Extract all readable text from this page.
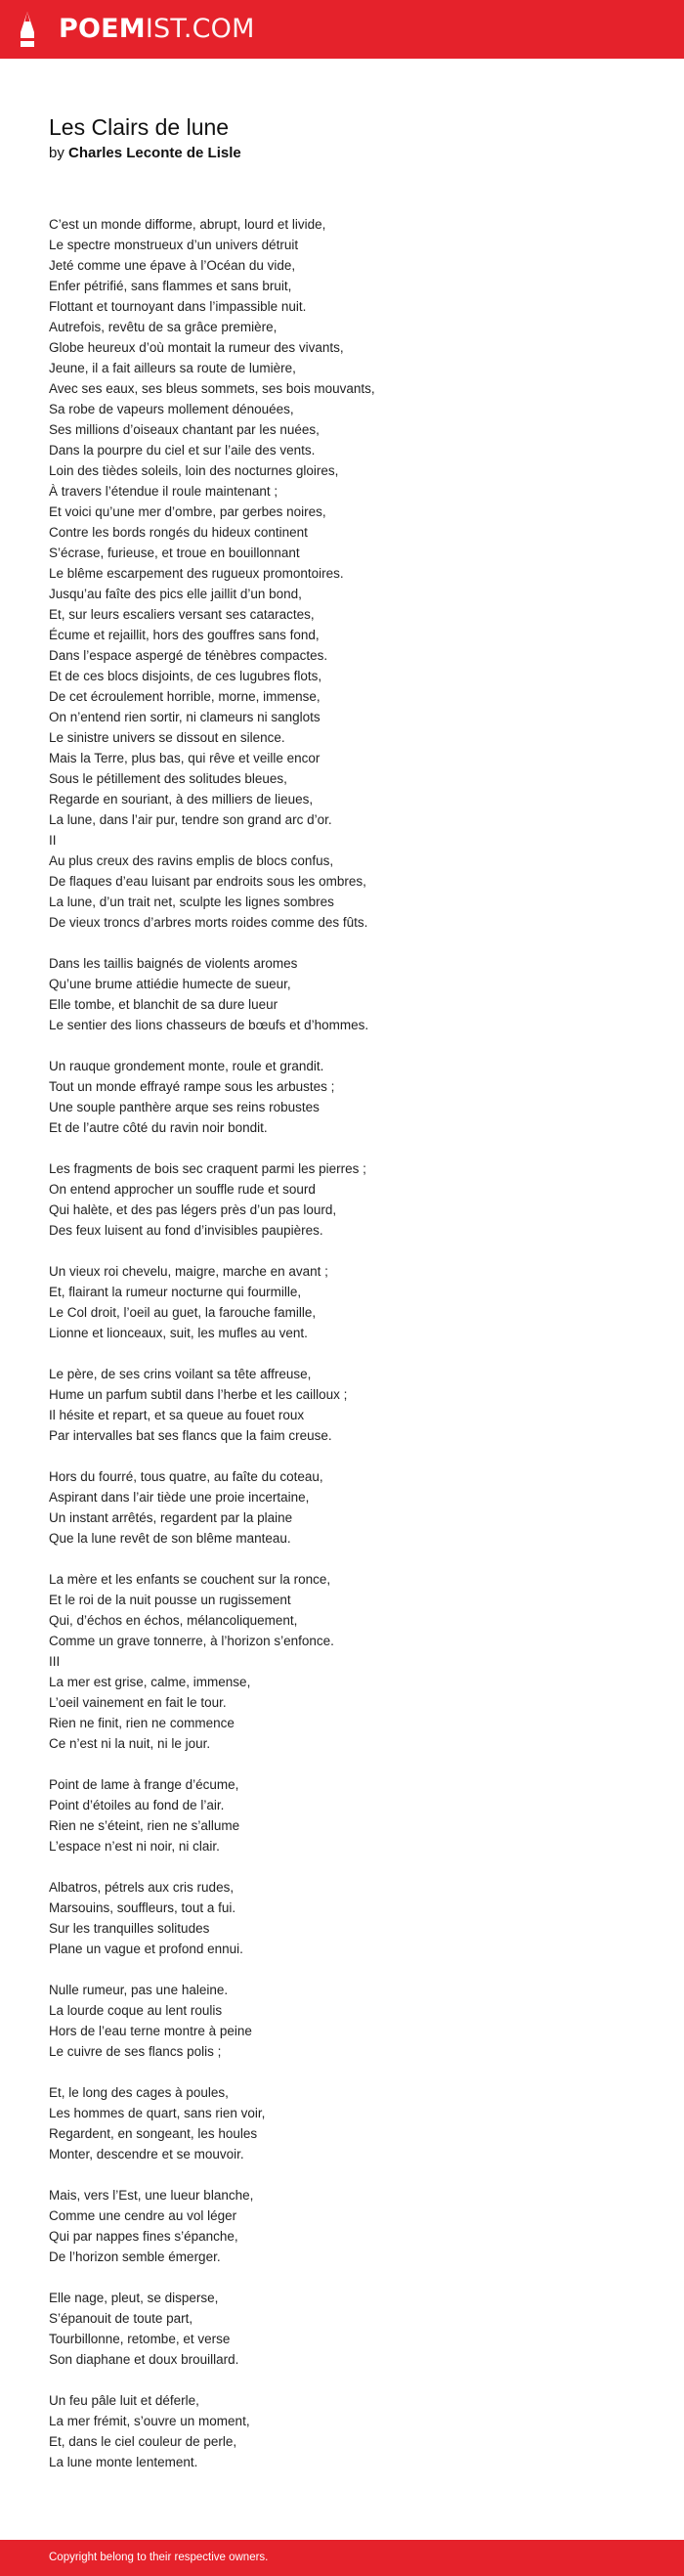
POEMIST.COM
Les Clairs de lune
by Charles Leconte de Lisle
C’est un monde difforme, abrupt, lourd et livide,
Le spectre monstrueux d’un univers détruit
Jeté comme une épave à l’Océan du vide,
Enfer pétrifié, sans flammes et sans bruit,
Flottant et tournoyant dans l’impassible nuit.
Autrefois, revêtu de sa grâce première,
Globe heureux d’où montait la rumeur des vivants,
Jeune, il a fait ailleurs sa route de lumière,
Avec ses eaux, ses bleus sommets, ses bois mouvants,
Sa robe de vapeurs mollement dénouées,
Ses millions d’oiseaux chantant par les nuées,
Dans la pourpre du ciel et sur l’aile des vents.
Loin des tièdes soleils, loin des nocturnes gloires,
À travers l’étendue il roule maintenant ;
Et voici qu’une mer d’ombre, par gerbes noires,
Contre les bords rongés du hideux continent
S’écrase, furieuse, et troue en bouillonnant
Le blême escarpement des rugueux promontoires.
Jusqu’au faîte des pics elle jaillit d’un bond,
Et, sur leurs escaliers versant ses cataractes,
Écume et rejaillit, hors des gouffres sans fond,
Dans l’espace aspergé de ténèbres compactes.
Et de ces blocs disjoints, de ces lugubres flots,
De cet écroulement horrible, morne, immense,
On n’entend rien sortir, ni clameurs ni sanglots
Le sinistre univers se dissout en silence.
Mais la Terre, plus bas, qui rêve et veille encor
Sous le pétillement des solitudes bleues,
Regarde en souriant, à des milliers de lieues,
La lune, dans l’air pur, tendre son grand arc d’or.
II
Au plus creux des ravins emplis de blocs confus,
De flaques d’eau luisant par endroits sous les ombres,
La lune, d’un trait net, sculpte les lignes sombres
De vieux troncs d’arbres morts roides comme des fûts.
Dans les taillis baignés de violents aromes
Qu’une brume attiédie humecte de sueur,
Elle tombe, et blanchit de sa dure lueur
Le sentier des lions chasseurs de bœufs et d’hommes.
Un rauque grondement monte, roule et grandit.
Tout un monde effrayé rampe sous les arbustes ;
Une souple panthère arque ses reins robustes
Et de l’autre côté du ravin noir bondit.
Les fragments de bois sec craquent parmi les pierres ;
On entend approcher un souffle rude et sourd
Qui halète, et des pas légers près d’un pas lourd,
Des feux luisent au fond d’invisibles paupières.
Un vieux roi chevelu, maigre, marche en avant ;
Et, flairant la rumeur nocturne qui fourmille,
Le Col droit, l’oeil au guet, la farouche famille,
Lionne et lionceaux, suit, les mufles au vent.
Le père, de ses crins voilant sa tête affreuse,
Hume un parfum subtil dans l’herbe et les cailloux ;
Il hésite et repart, et sa queue au fouet roux
Par intervalles bat ses flancs que la faim creuse.
Hors du fourré, tous quatre, au faîte du coteau,
Aspirant dans l’air tiède une proie incertaine,
Un instant arrêtés, regardent par la plaine
Que la lune revêt de son blême manteau.
La mère et les enfants se couchent sur la ronce,
Et le roi de la nuit pousse un rugissement
Qui, d’échos en échos, mélancoliquement,
Comme un grave tonnerre, à l’horizon s’enfonce.
III
La mer est grise, calme, immense,
L’oeil vainement en fait le tour.
Rien ne finit, rien ne commence
Ce n’est ni la nuit, ni le jour.
Point de lame à frange d’écume,
Point d’étoiles au fond de l’air.
Rien ne s’éteint, rien ne s’allume
L’espace n’est ni noir, ni clair.
Albatros, pétrels aux cris rudes,
Marsouins, souffleurs, tout a fui.
Sur les tranquilles solitudes
Plane un vague et profond ennui.
Nulle rumeur, pas une haleine.
La lourde coque au lent roulis
Hors de l’eau terne montre à peine
Le cuivre de ses flancs polis ;
Et, le long des cages à poules,
Les hommes de quart, sans rien voir,
Regardent, en songeant, les houles
Monter, descendre et se mouvoir.
Mais, vers l’Est, une lueur blanche,
Comme une cendre au vol léger
Qui par nappes fines s’épanche,
De l’horizon semble émerger.
Elle nage, pleut, se disperse,
S’épanouit de toute part,
Tourbillonne, retombe, et verse
Son diaphane et doux brouillard.
Un feu pâle luit et déferle,
La mer frémit, s’ouvre un moment,
Et, dans le ciel couleur de perle,
La lune monte lentement.
Copyright belong to their respective owners.
